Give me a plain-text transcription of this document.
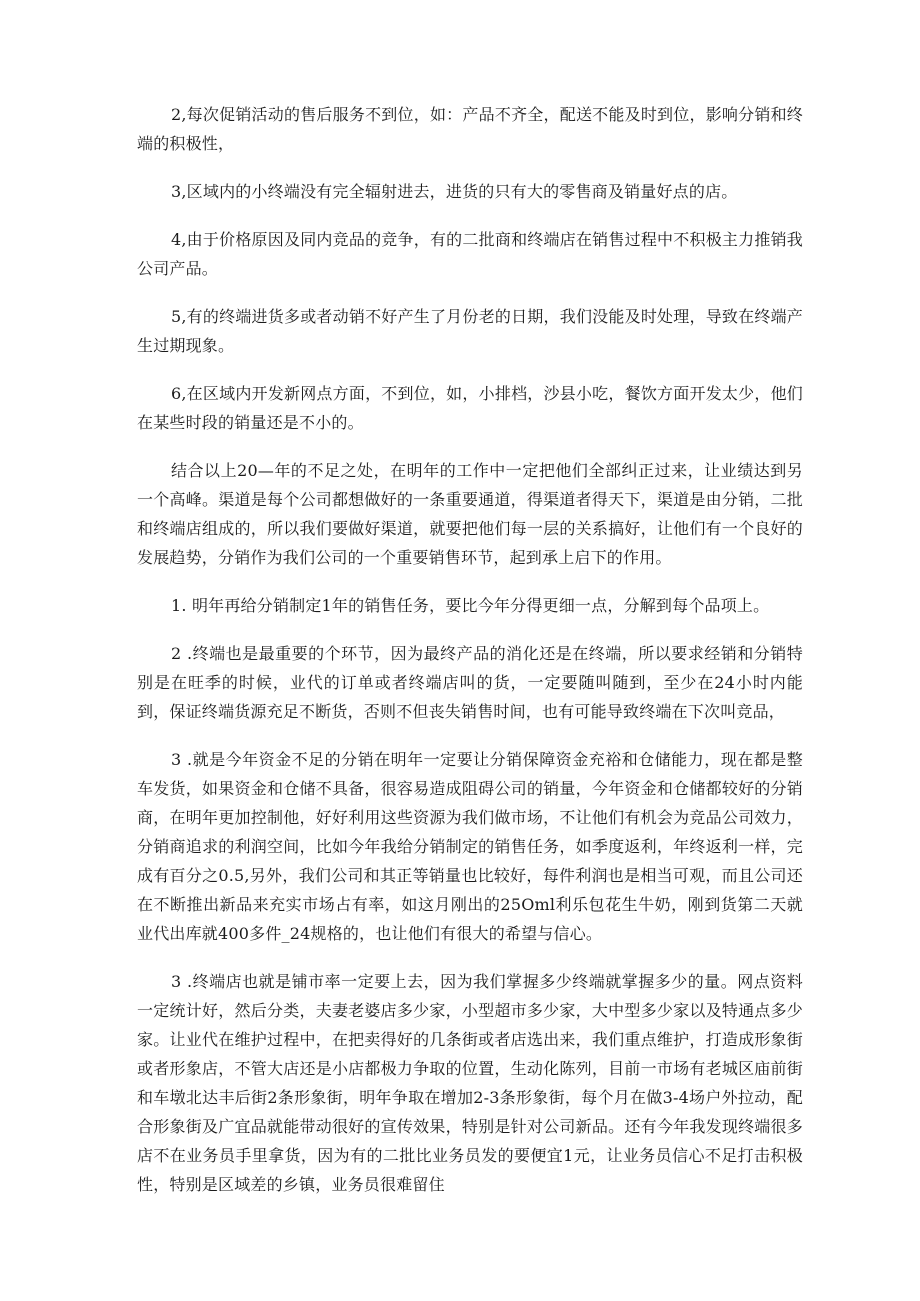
2,每次促销活动的售后服务不到位，如：产品不齐全，配送不能及时到位，影响分销和终端的积极性，

3,区域内的小终端没有完全辐射进去，进货的只有大的零售商及销量好点的店。

4,由于价格原因及同内竞品的竞争，有的二批商和终端店在销售过程中不积极主力推销我公司产品。

5,有的终端进货多或者动销不好产生了月份老的日期，我们没能及时处理，导致在终端产生过期现象。

6,在区域内开发新网点方面，不到位，如，小排档，沙县小吃，餐饮方面开发太少，他们在某些时段的销量还是不小的。

结合以上20—年的不足之处，在明年的工作中一定把他们全部纠正过来，让业绩达到另一个高峰。渠道是每个公司都想做好的一条重要通道，得渠道者得天下，渠道是由分销，二批和终端店组成的，所以我们要做好渠道，就要把他们每一层的关系搞好，让他们有一个良好的发展趋势，分销作为我们公司的一个重要销售环节，起到承上启下的作用。

1. 明年再给分销制定1年的销售任务，要比今年分得更细一点，分解到每个品项上。

2 .终端也是最重要的个环节，因为最终产品的消化还是在终端，所以要求经销和分销特别是在旺季的时候，业代的订单或者终端店叫的货，一定要随叫随到，至少在24小时内能到，保证终端货源充足不断货，否则不但丧失销售时间，也有可能导致终端在下次叫竞品，

3 .就是今年资金不足的分销在明年一定要让分销保障资金充裕和仓储能力，现在都是整车发货，如果资金和仓储不具备，很容易造成阻碍公司的销量，今年资金和仓储都较好的分销商，在明年更加控制他，好好利用这些资源为我们做市场，不让他们有机会为竞品公司效力，分销商追求的利润空间，比如今年我给分销制定的销售任务，如季度返利，年终返利一样，完成有百分之0.5,另外，我们公司和其正等销量也比较好，每件利润也是相当可观，而且公司还在不断推出新品来充实市场占有率，如这月刚出的25Oml利乐包花生牛奶，刚到货第二天就业代出库就400多件_24规格的，也让他们有很大的希望与信心。

3 .终端店也就是铺市率一定要上去，因为我们掌握多少终端就掌握多少的量。网点资料一定统计好，然后分类，夫妻老婆店多少家，小型超市多少家，大中型多少家以及特通点多少家。让业代在维护过程中，在把卖得好的几条街或者店选出来，我们重点维护，打造成形象街或者形象店，不管大店还是小店都极力争取的位置，生动化陈列，目前一市场有老城区庙前街和车墩北达丰后街2条形象街，明年争取在增加2-3条形象街，每个月在做3-4场户外拉动，配合形象街及广宜品就能带动很好的宣传效果，特别是针对公司新品。还有今年我发现终端很多店不在业务员手里拿货，因为有的二批比业务员发的要便宜1元，让业务员信心不足打击积极性，特别是区域差的乡镇，业务员很难留住
